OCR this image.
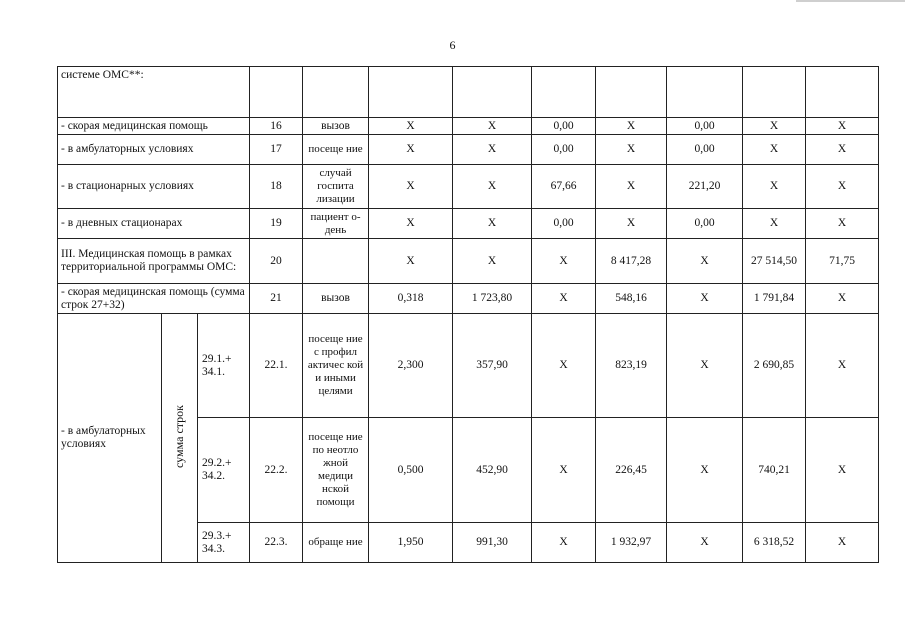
6
системе ОМС**:											
- скорая медицинская помощь			16	вызов	X	X	0,00	X	0,00	X	X
- в амбулаторных условиях			17	посеще ние	X	X	0,00	X	0,00	X	X
- в стационарных условиях			18	случай госпита лизации	X	X	67,66	X	221,20	X	X
- в дневных стационарах			19	пациент о-день	X	X	0,00	X	0,00	X	X
III. Медицинская помощь в рамках территориальной программы ОМС:			20		X	X	X	8 417,28	X	27 514,50	71,75
- скорая медицинская помощь (сумма строк 27+32)			21	вызов	0,318	1 723,80	X	548,16	X	1 791,84	X
- в амбулаторных условиях	сумма строк	29.1.+ 34.1.	22.1.	посеще ние с профил актичес кой и иными целями	2,300	357,90	X	823,19	X	2 690,85	X
		29.2.+ 34.2.	22.2.	посеще ние по неотло жной медици нской помощи	0,500	452,90	X	226,45	X	740,21	X
		29.3.+ 34.3.	22.3.	обраще ние	1,950	991,30	X	1 932,97	X	6 318,52	X
